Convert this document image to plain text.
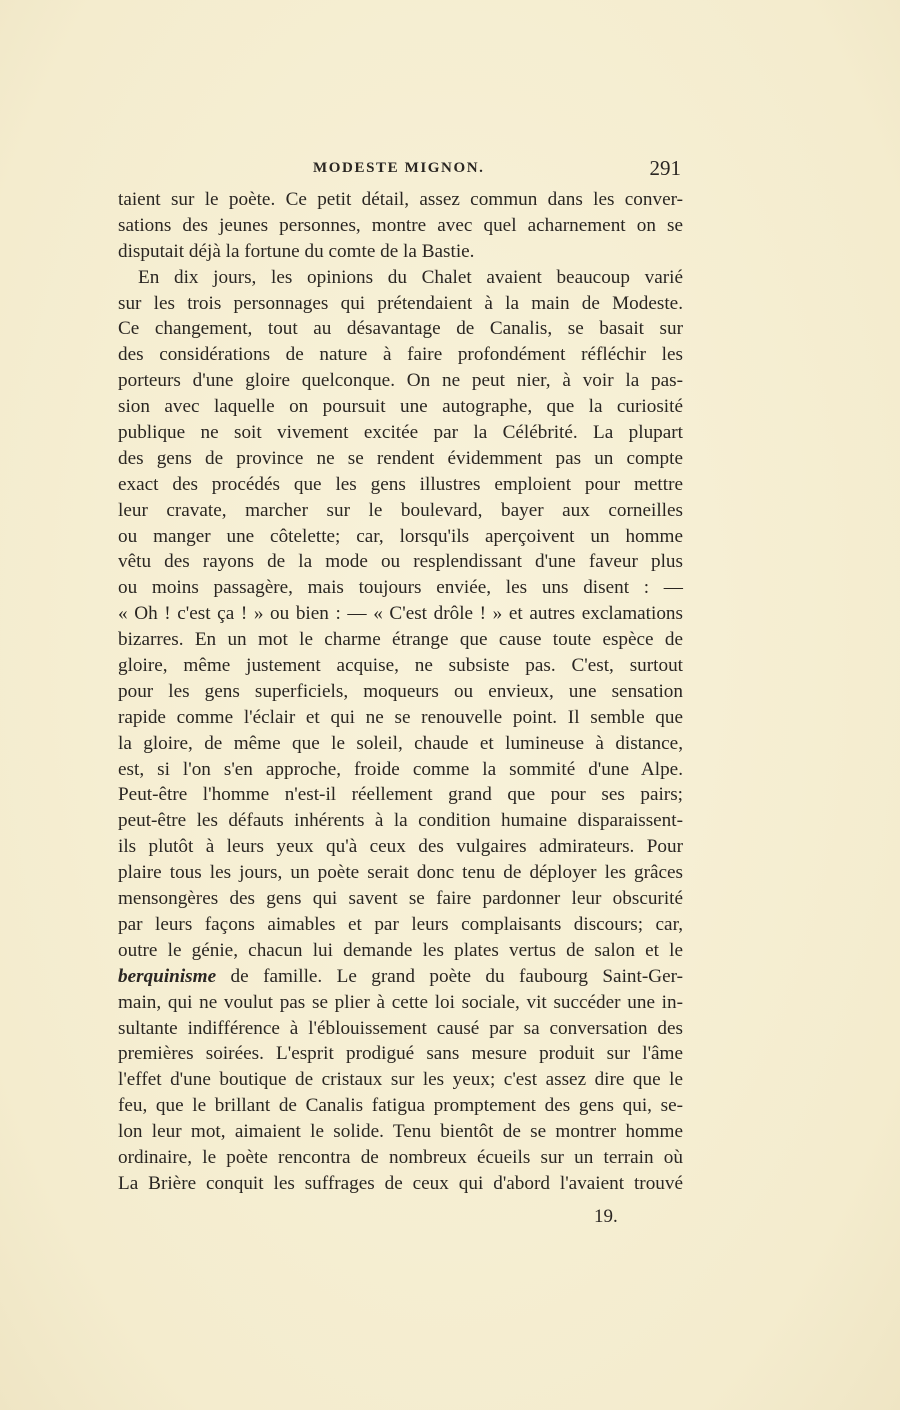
MODESTE MIGNON.	291
taient sur le poète. Ce petit détail, assez commun dans les conver-
sations des jeunes personnes, montre avec quel acharnement on se
disputait déjà la fortune du comte de la Bastie.
En dix jours, les opinions du Chalet avaient beaucoup varié
sur les trois personnages qui prétendaient à la main de Modeste.
Ce changement, tout au désavantage de Canalis, se basait sur
des considérations de nature à faire profondément réfléchir les
porteurs d'une gloire quelconque. On ne peut nier, à voir la pas-
sion avec laquelle on poursuit une autographe, que la curiosité
publique ne soit vivement excitée par la Célébrité. La plupart
des gens de province ne se rendent évidemment pas un compte
exact des procédés que les gens illustres emploient pour mettre
leur cravate, marcher sur le boulevard, bayer aux corneilles
ou manger une côtelette; car, lorsqu'ils aperçoivent un homme
vêtu des rayons de la mode ou resplendissant d'une faveur plus
ou moins passagère, mais toujours enviée, les uns disent : —
« Oh ! c'est ça ! » ou bien : — « C'est drôle ! » et autres exclamations
bizarres. En un mot le charme étrange que cause toute espèce de
gloire, même justement acquise, ne subsiste pas. C'est, surtout
pour les gens superficiels, moqueurs ou envieux, une sensation
rapide comme l'éclair et qui ne se renouvelle point. Il semble que
la gloire, de même que le soleil, chaude et lumineuse à distance,
est, si l'on s'en approche, froide comme la sommité d'une Alpe.
Peut-être l'homme n'est-il réellement grand que pour ses pairs;
peut-être les défauts inhérents à la condition humaine disparaissent-
ils plutôt à leurs yeux qu'à ceux des vulgaires admirateurs. Pour
plaire tous les jours, un poète serait donc tenu de déployer les grâces
mensongères des gens qui savent se faire pardonner leur obscurité
par leurs façons aimables et par leurs complaisants discours; car,
outre le génie, chacun lui demande les plates vertus de salon et le
berquinisme de famille. Le grand poète du faubourg Saint-Ger-
main, qui ne voulut pas se plier à cette loi sociale, vit succéder une in-
sultante indifférence à l'éblouissement causé par sa conversation des
premières soirées. L'esprit prodigué sans mesure produit sur l'âme
l'effet d'une boutique de cristaux sur les yeux; c'est assez dire que le
feu, que le brillant de Canalis fatigua promptement des gens qui, se-
lon leur mot, aimaient le solide. Tenu bientôt de se montrer homme
ordinaire, le poète rencontra de nombreux écueils sur un terrain où
La Brière conquit les suffrages de ceux qui d'abord l'avaient trouvé
19.
